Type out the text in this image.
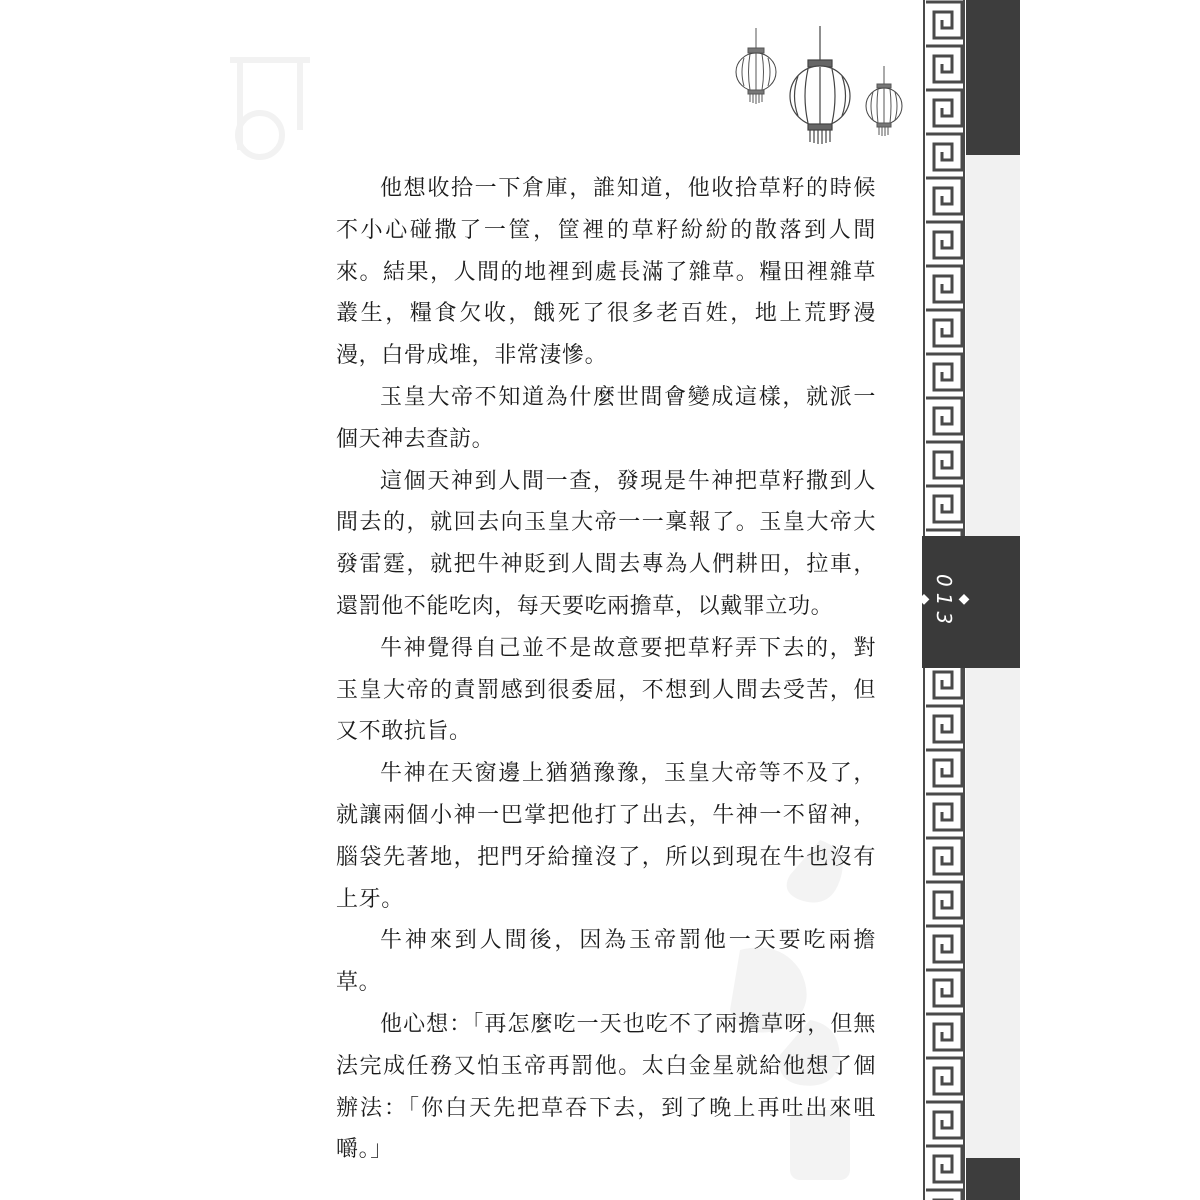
他想收拾一下倉庫，誰知道，他收拾草籽的時候不小心碰撒了一筐，筐裡的草籽紛紛的散落到人間來。結果，人間的地裡到處長滿了雜草。糧田裡雜草叢生，糧食欠收，餓死了很多老百姓，地上荒野漫漫，白骨成堆，非常淒慘。

玉皇大帝不知道為什麼世間會變成這樣，就派一個天神去查訪。

這個天神到人間一查，發現是牛神把草籽撒到人間去的，就回去向玉皇大帝一一稟報了。玉皇大帝大發雷霆，就把牛神貶到人間去專為人們耕田，拉車，還罰他不能吃肉，每天要吃兩擔草，以戴罪立功。

牛神覺得自己並不是故意要把草籽弄下去的，對玉皇大帝的責罰感到很委屈，不想到人間去受苦，但又不敢抗旨。

牛神在天窗邊上猶猶豫豫，玉皇大帝等不及了，就讓兩個小神一巴掌把他打了出去，牛神一不留神，腦袋先著地，把門牙給撞沒了，所以到現在牛也沒有上牙。

牛神來到人間後，因為玉帝罰他一天要吃兩擔草。

他心想：「再怎麼吃一天也吃不了兩擔草呀，但無法完成任務又怕玉帝再罰他。太白金星就給他想了個辦法：「你白天先把草吞下去，到了晚上再吐出來咀嚼。」

◆
013
◆
